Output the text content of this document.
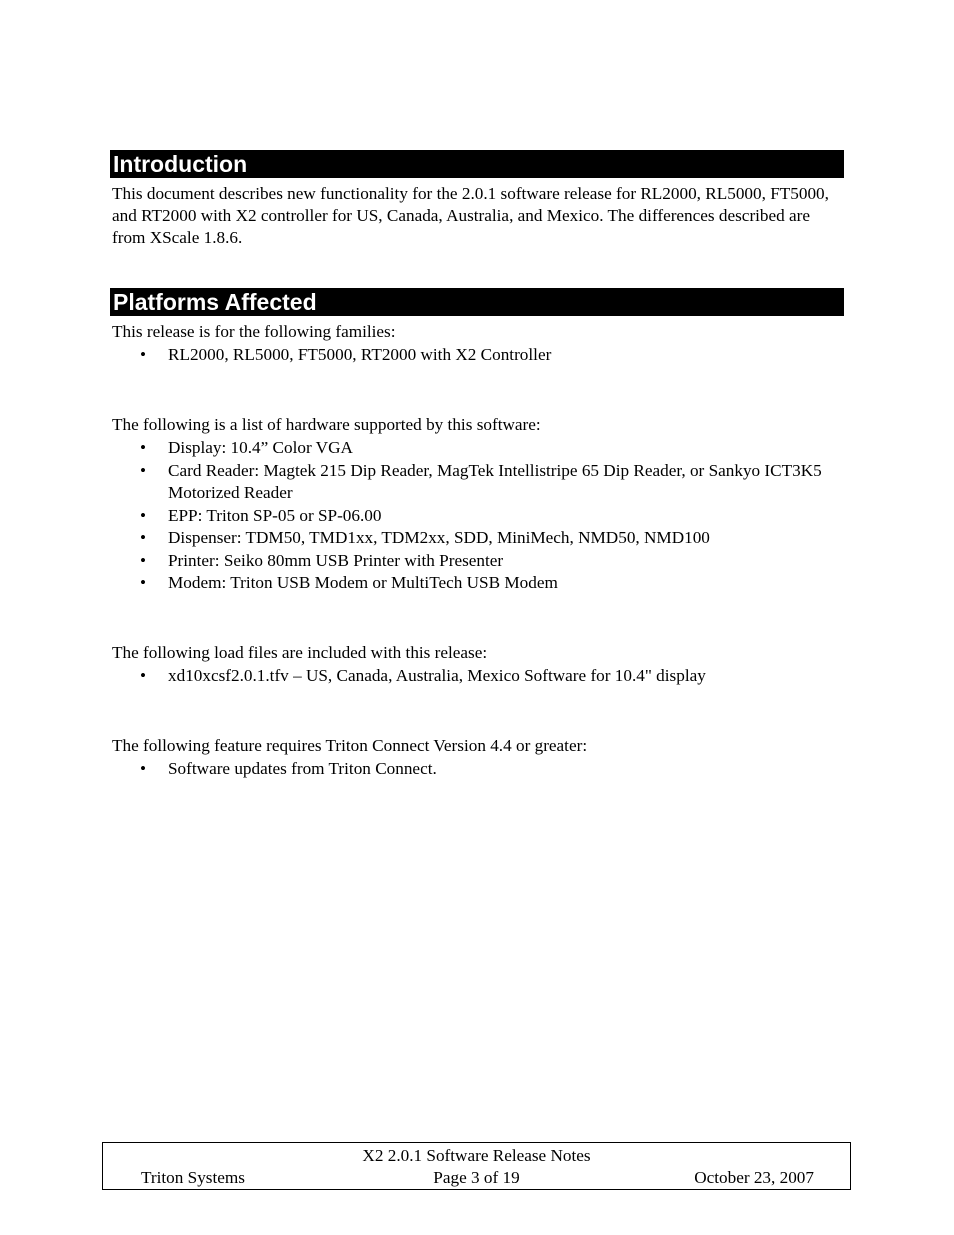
Introduction

This document describes new functionality for the 2.0.1 software release for RL2000, RL5000, FT5000, and RT2000 with X2 controller for US, Canada, Australia, and Mexico. The differences described are from XScale 1.8.6.

Platforms Affected

This release is for the following families:

• RL2000, RL5000, FT5000, RT2000 with X2 Controller

The following is a list of hardware supported by this software:

• Display: 10.4” Color VGA
• Card Reader: Magtek 215 Dip Reader, MagTek Intellistripe 65 Dip Reader, or Sankyo ICT3K5 Motorized Reader
• EPP: Triton SP-05 or SP-06.00
• Dispenser: TDM50, TMD1xx, TDM2xx, SDD, MiniMech, NMD50, NMD100
• Printer: Seiko 80mm USB Printer with Presenter
• Modem: Triton USB Modem or MultiTech USB Modem

The following load files are included with this release:

• xd10xcsf2.0.1.tfv – US, Canada, Australia, Mexico Software for 10.4" display

The following feature requires Triton Connect Version 4.4 or greater:

• Software updates from Triton Connect.
X2 2.0.1 Software Release Notes
Triton Systems	Page 3 of 19	October 23, 2007
